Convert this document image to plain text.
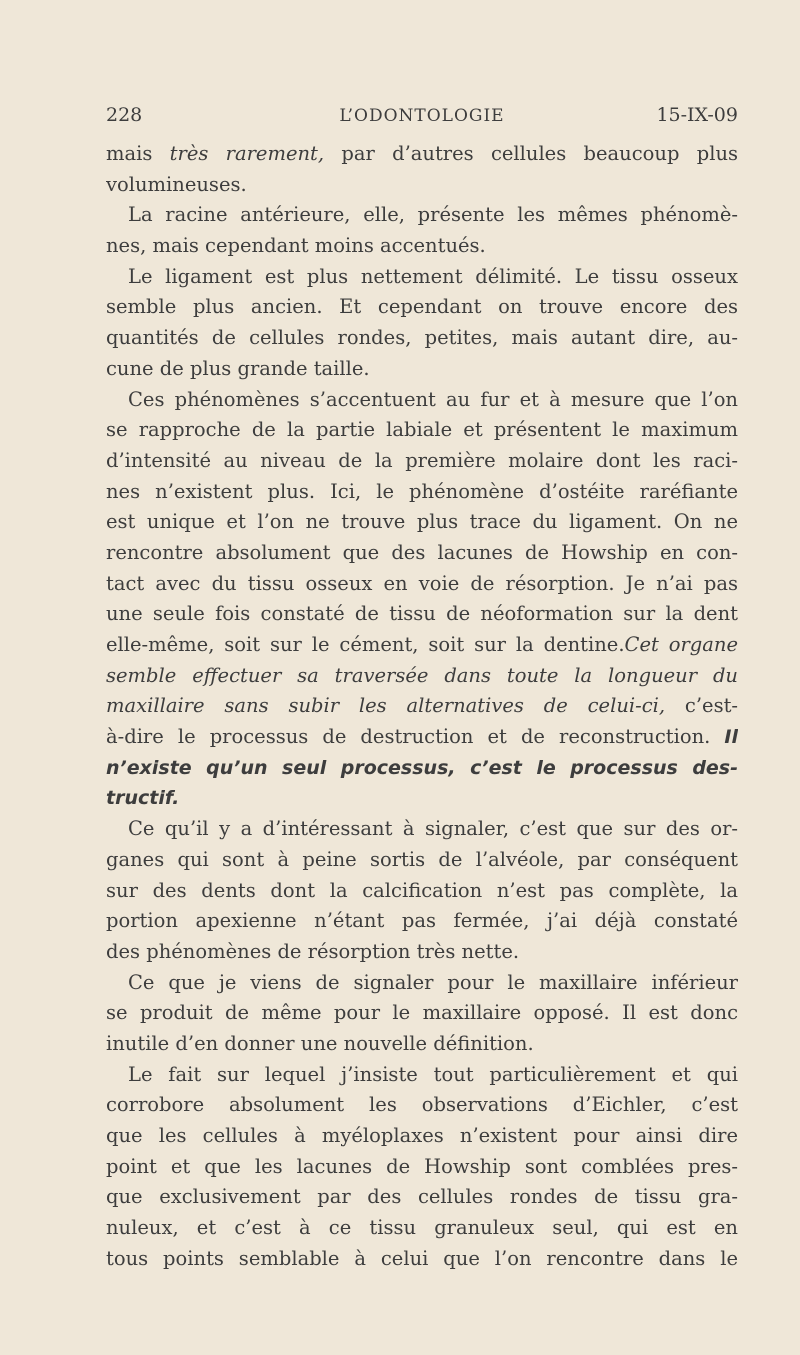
228	L’ODONTOLOGIE	15-IX-09
mais très rarement, par d’autres cellules beaucoup plus
volumineuses.
La racine antérieure, elle, présente les mêmes phénomè-
nes, mais cependant moins accentués.
Le ligament est plus nettement délimité. Le tissu osseux
semble plus ancien. Et cependant on trouve encore des
quantités de cellules rondes, petites, mais autant dire, au-
cune de plus grande taille.
Ces phénomènes s’accentuent au fur et à mesure que l’on
se rapproche de la partie labiale et présentent le maximum
d’intensité au niveau de la première molaire dont les raci-
nes n’existent plus. Ici, le phénomène d’ostéite raréfiante
est unique et l’on ne trouve plus trace du ligament. On ne
rencontre absolument que des lacunes de Howship en con-
tact avec du tissu osseux en voie de résorption. Je n’ai pas
une seule fois constaté de tissu de néoformation sur la dent
elle-même, soit sur le cément, soit sur la dentine.Cet organe
semble effectuer sa traversée dans toute la longueur du
maxillaire sans subir les alternatives de celui-ci, c’est-
à-dire le processus de destruction et de reconstruction. Il
n’existe qu’un seul processus, c’est le processus des-
tructif.
Ce qu’il y a d’intéressant à signaler, c’est que sur des or-
ganes qui sont à peine sortis de l’alvéole, par conséquent
sur des dents dont la calcification n’est pas complète, la
portion apexienne n’étant pas fermée, j’ai déjà constaté
des phénomènes de résorption très nette.
Ce que je viens de signaler pour le maxillaire inférieur
se produit de même pour le maxillaire opposé. Il est donc
inutile d’en donner une nouvelle définition.
Le fait sur lequel j’insiste tout particulièrement et qui
corrobore absolument les observations d’Eichler, c’est
que les cellules à myéloplaxes n’existent pour ainsi dire
point et que les lacunes de Howship sont comblées pres-
que exclusivement par des cellules rondes de tissu gra-
nuleux, et c’est à ce tissu granuleux seul, qui est en
tous points semblable à celui que l’on rencontre dans le
